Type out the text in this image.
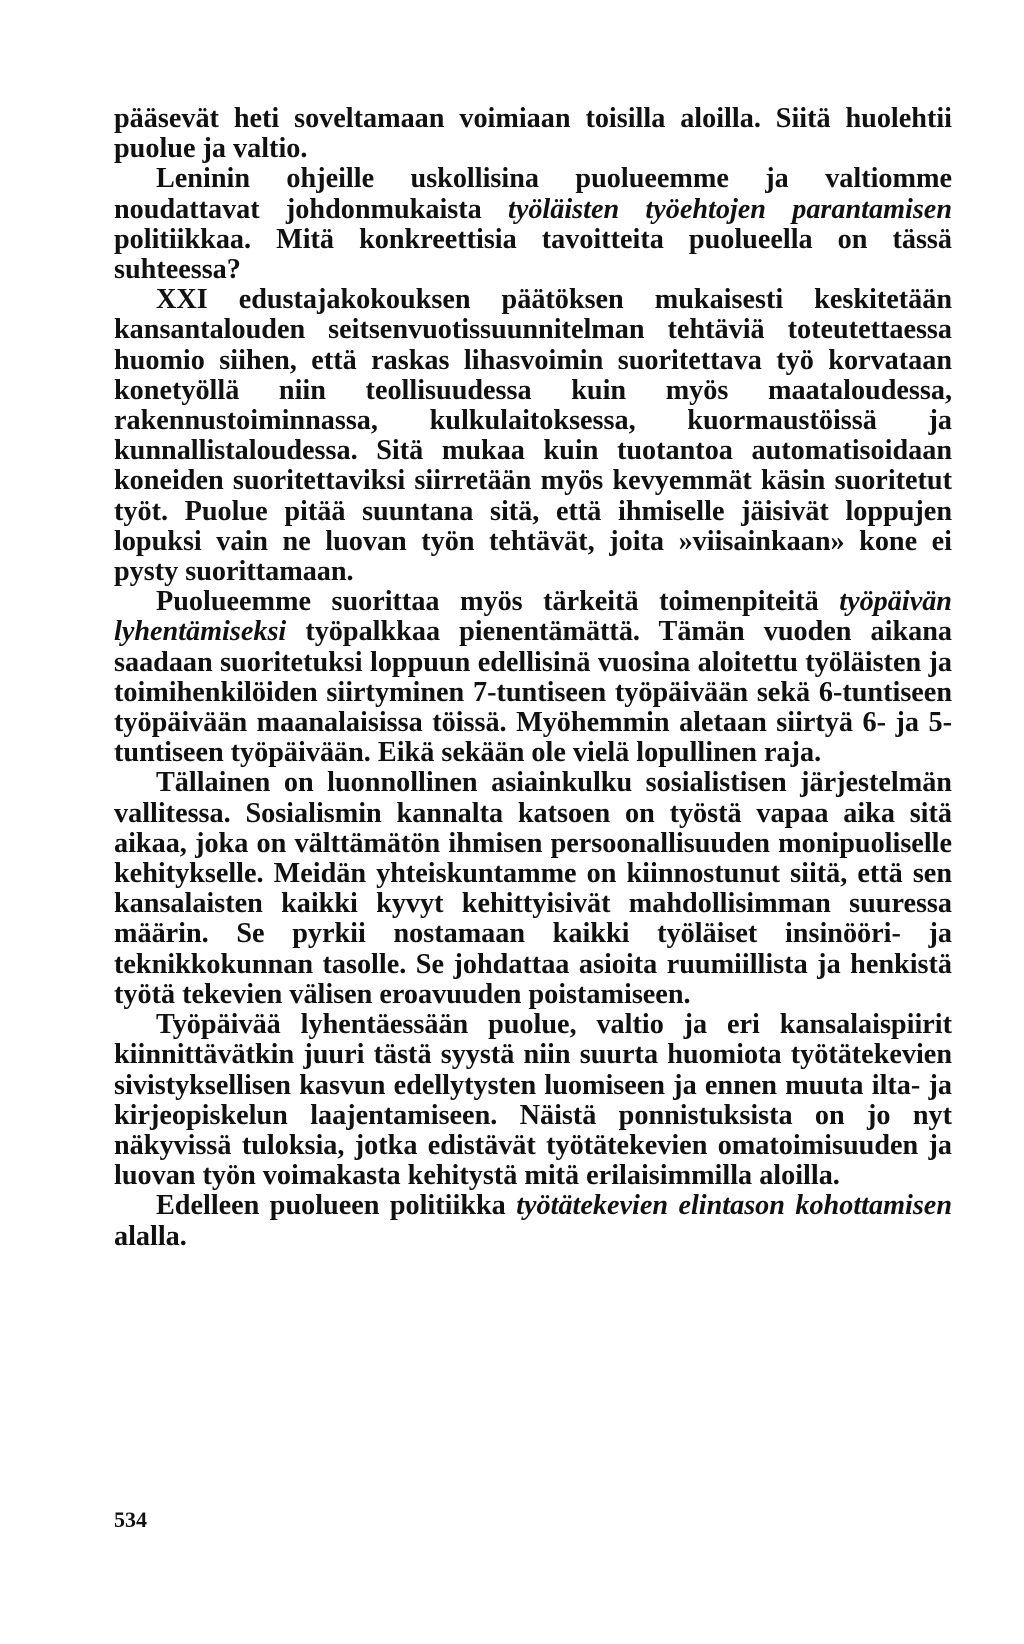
pääsevät heti soveltamaan voimiaan toisilla aloilla. Siitä huolehtii puolue ja valtio.

Leninin ohjeille uskollisina puolueemme ja valtiomme noudattavat johdonmukaista työläisten työehtojen parantamisen politiikkaa. Mitä konkreettisia tavoitteita puolueella on tässä suhteessa?

XXI edustajakokouksen päätöksen mukaisesti keskitetään kansantalouden seitsenvuotissuunnitelman tehtäviä toteutettaessa huomio siihen, että raskas lihasvoimin suoritettava työ korvataan konetyöllä niin teollisuudessa kuin myös maataloudessa, rakennustoiminnassa, kulkulaitoksessa, kuormaustöissä ja kunnallistaloudessa. Sitä mukaa kuin tuotantoa automatisoidaan koneiden suoritettaviksi siirretään myös kevyemmät käsin suoritetut työt. Puolue pitää suuntana sitä, että ihmiselle jäisivät loppujen lopuksi vain ne luovan työn tehtävät, joita »viisainkaan» kone ei pysty suorittamaan.

Puolueemme suorittaa myös tärkeitä toimenpiteitä työpäivän lyhentämiseksi työpalkkaa pienentämättä. Tämän vuoden aikana saadaan suoritetuksi loppuun edellisinä vuosina aloitettu työläisten ja toimihenkilöiden siirtyminen 7-tuntiseen työpäivään sekä 6-tuntiseen työpäivään maanalaisissa töissä. Myöhemmin aletaan siirtyä 6- ja 5-tuntiseen työpäivään. Eikä sekään ole vielä lopullinen raja.

Tällainen on luonnollinen asiainkulku sosialistisen järjestelmän vallitessa. Sosialismin kannalta katsoen on työstä vapaa aika sitä aikaa, joka on välttämätön ihmisen persoonallisuuden monipuoliselle kehitykselle. Meidän yhteiskuntamme on kiinnostunut siitä, että sen kansalaisten kaikki kyvyt kehittyisivät mahdollisimman suuressa määrin. Se pyrkii nostamaan kaikki työläiset insinööri- ja teknikkokunnan tasolle. Se johdattaa asioita ruumiillista ja henkistä työtä tekevien välisen eroavuuden poistamiseen.

Työpäivää lyhentäessään puolue, valtio ja eri kansalaispiirit kiinnittävätkin juuri tästä syystä niin suurta huomiota työtätekevien sivistyksellisen kasvun edellytysten luomiseen ja ennen muuta ilta- ja kirjeopiskelun laajentamiseen. Näistä ponnistuksista on jo nyt näkyvissä tuloksia, jotka edistävät työtätekevien omatoimisuuden ja luovan työn voimakasta kehitystä mitä erilaisimmilla aloilla.

Edelleen puolueen politiikka työtätekevien elintason kohottamisen alalla.

534
